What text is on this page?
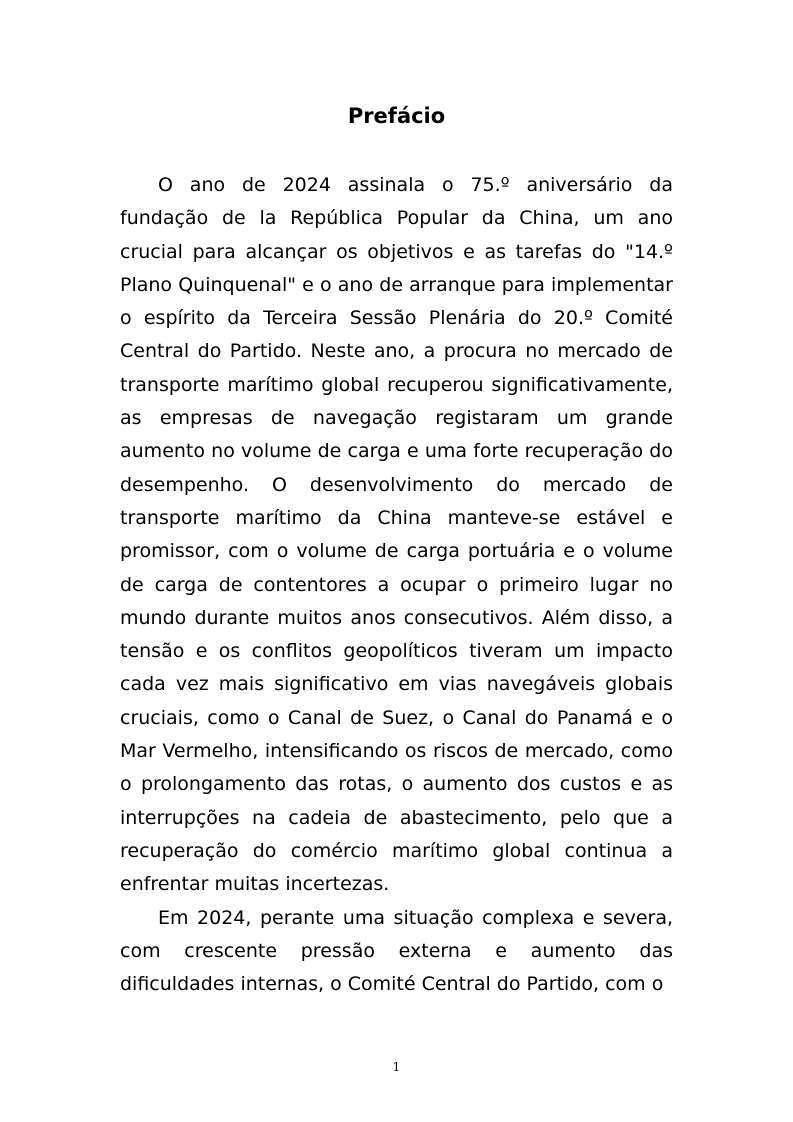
Prefácio

O ano de 2024 assinala o 75.º aniversário da fundação de la República Popular da China, um ano crucial para alcançar os objetivos e as tarefas do "14.º Plano Quinquenal" e o ano de arranque para implementar o espírito da Terceira Sessão Plenária do 20.º Comité Central do Partido. Neste ano, a procura no mercado de transporte marítimo global recuperou significativamente, as empresas de navegação registaram um grande aumento no volume de carga e uma forte recuperação do desempenho. O desenvolvimento do mercado de transporte marítimo da China manteve-se estável e promissor, com o volume de carga portuária e o volume de carga de contentores a ocupar o primeiro lugar no mundo durante muitos anos consecutivos. Além disso, a tensão e os conflitos geopolíticos tiveram um impacto cada vez mais significativo em vias navegáveis globais cruciais, como o Canal de Suez, o Canal do Panamá e o Mar Vermelho, intensificando os riscos de mercado, como o prolongamento das rotas, o aumento dos custos e as interrupções na cadeia de abastecimento, pelo que a recuperação do comércio marítimo global continua a enfrentar muitas incertezas.

Em 2024, perante uma situação complexa e severa, com crescente pressão externa e aumento das dificuldades internas, o Comité Central do Partido, com o

1
